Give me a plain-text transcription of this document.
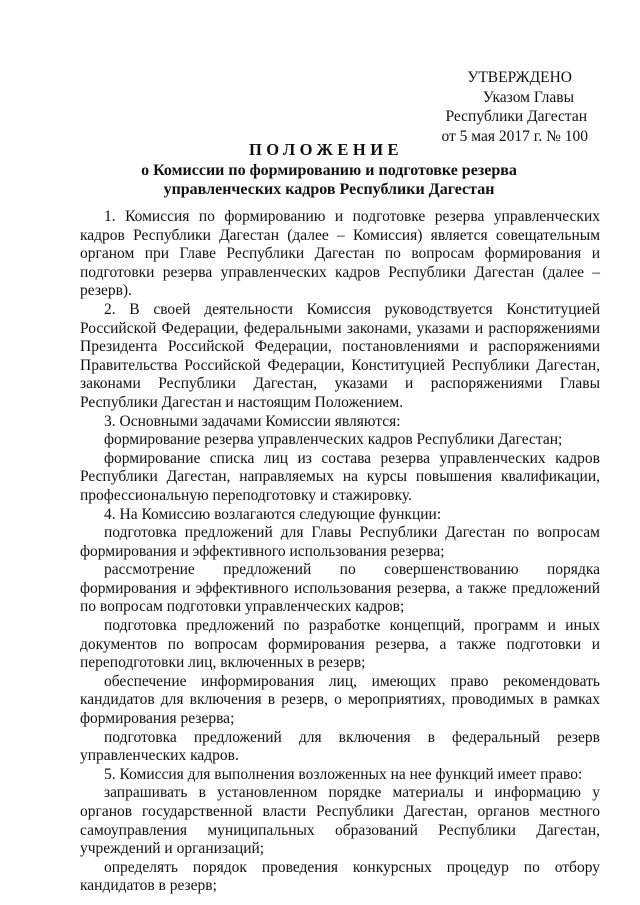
УТВЕРЖДЕНО
Указом Главы
Республики Дагестан
от 5 мая 2017 г. № 100
ПОЛОЖЕНИЕ
о Комиссии по формированию и подготовке резерва
управленческих кадров Республики Дагестан

1. Комиссия по формированию и подготовке резерва управленческих кадров Республики Дагестан (далее – Комиссия) является совещательным органом при Главе Республики Дагестан по вопросам формирования и подготовки резерва управленческих кадров Республики Дагестан (далее – резерв).

2. В своей деятельности Комиссия руководствуется Конституцией Российской Федерации, федеральными законами, указами и распоряжениями Президента Российской Федерации, постановлениями и распоряжениями Правительства Российской Федерации, Конституцией Республики Дагестан, законами Республики Дагестан, указами и распоряжениями Главы Республики Дагестан и настоящим Положением.

3. Основными задачами Комиссии являются:

формирование резерва управленческих кадров Республики Дагестан;

формирование списка лиц из состава резерва управленческих кадров Республики Дагестан, направляемых на курсы повышения квалификации, профессиональную переподготовку и стажировку.

4. На Комиссию возлагаются следующие функции:

подготовка предложений для Главы Республики Дагестан по вопросам формирования и эффективного использования резерва;

рассмотрение предложений по совершенствованию порядка формирования и эффективного использования резерва, а также предложений по вопросам подготовки управленческих кадров;

подготовка предложений по разработке концепций, программ и иных документов по вопросам формирования резерва, а также подготовки и переподготовки лиц, включенных в резерв;

обеспечение информирования лиц, имеющих право рекомендовать кандидатов для включения в резерв, о мероприятиях, проводимых в рамках формирования резерва;

подготовка предложений для включения в федеральный резерв управленческих кадров.

5. Комиссия для выполнения возложенных на нее функций имеет право:

запрашивать в установленном порядке материалы и информацию у органов государственной власти Республики Дагестан, органов местного самоуправления муниципальных образований Республики Дагестан, учреждений и организаций;

определять порядок проведения конкурсных процедур по отбору кандидатов в резерв;
